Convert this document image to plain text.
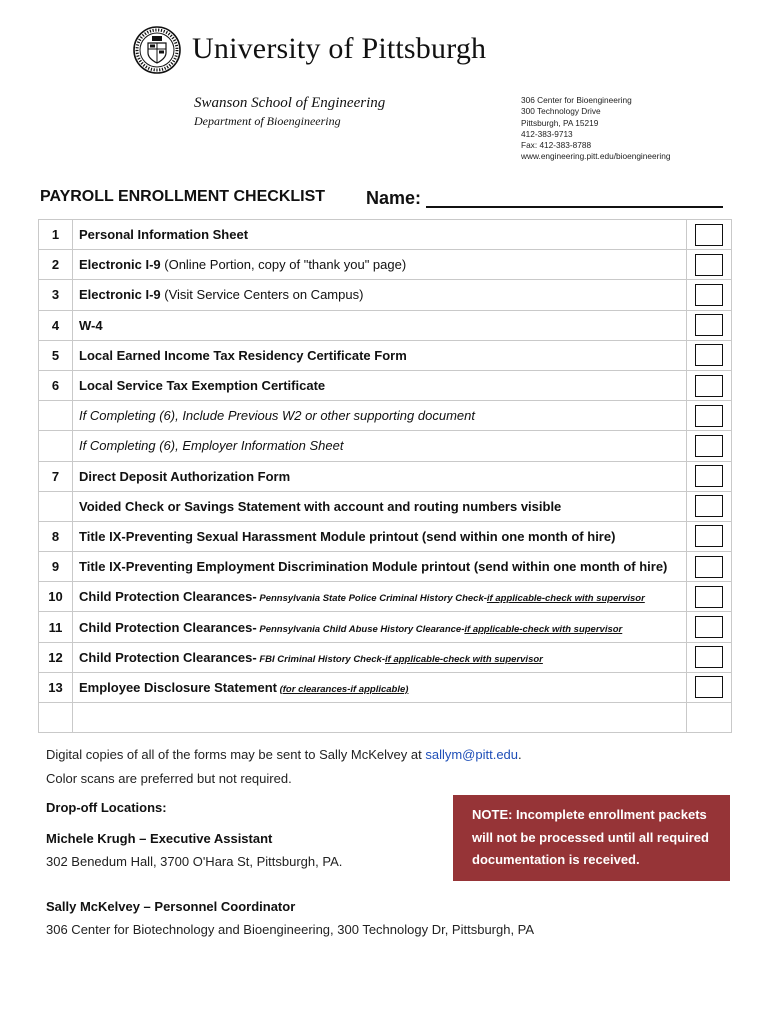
University of Pittsburgh
Swanson School of Engineering
Department of Bioengineering
306 Center for Bioengineering
300 Technology Drive
Pittsburgh, PA 15219
412-383-9713
Fax: 412-383-8788
www.engineering.pitt.edu/bioengineering
PAYROLL ENROLLMENT CHECKLIST Name:
1	Personal Information Sheet	
2	Electronic I-9 (Online Portion, copy of "thank you" page)	
3	Electronic I-9 (Visit Service Centers on Campus)	
4	W-4	
5	Local Earned Income Tax Residency Certificate Form	
6	Local Service Tax Exemption Certificate	
	If Completing (6), Include Previous W2 or other supporting document	
	If Completing (6), Employer Information Sheet	
7	Direct Deposit Authorization Form	
	Voided Check or Savings Statement with account and routing numbers visible	
8	Title IX-Preventing Sexual Harassment Module printout (send within one month of hire)	
9	Title IX-Preventing Employment Discrimination Module printout (send within one month of hire)	
10	Child Protection Clearances- Pennsylvania State Police Criminal History Check-if applicable-check with supervisor	
11	Child Protection Clearances- Pennsylvania Child Abuse History Clearance-if applicable-check with supervisor	
12	Child Protection Clearances- FBI Criminal History Check-if applicable-check with supervisor	
13	Employee Disclosure Statement (for clearances-if applicable)	

Digital copies of all of the forms may be sent to Sally McKelvey at sallym@pitt.edu.
Color scans are preferred but not required.
Drop-off Locations:
Michele Krugh – Executive Assistant
302 Benedum Hall, 3700 O'Hara St, Pittsburgh, PA.
Sally McKelvey – Personnel Coordinator
306 Center for Biotechnology and Bioengineering, 300 Technology Dr, Pittsburgh, PA
NOTE: Incomplete enrollment packets
will not be processed until all required
documentation is received.
